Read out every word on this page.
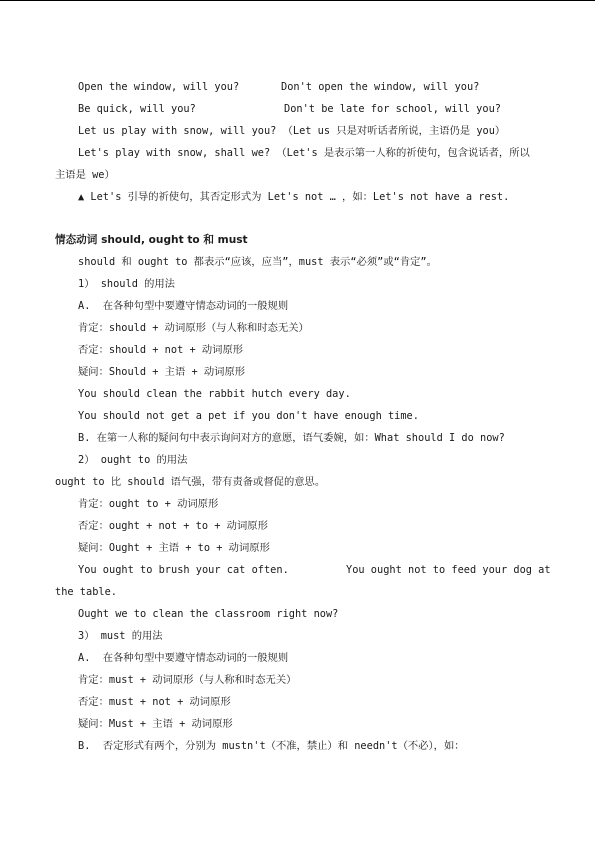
Open the window, will you?	Don't open the window, will you?
Be quick, will you?	Don't be late for school, will you?
Let us play with snow, will you? （Let us 只是对听话者所说，主语仍是 you）
Let's play with snow, shall we? （Let's 是表示第一人称的祈使句，包含说话者，所以
主语是 we）
▲ Let's 引导的祈使句，其否定形式为 Let's not … ，如：Let's not have a rest.
情态动词 should, ought to 和 must
should 和 ought to 都表示“应该，应当”，must 表示“必须”或“肯定”。
1） should 的用法
A.  在各种句型中要遵守情态动词的一般规则
肯定：should + 动词原形（与人称和时态无关）
否定：should + not + 动词原形
疑问：Should + 主语 + 动词原形
You should clean the rabbit hutch every day.
You should not get a pet if you don't have enough time.
B. 在第一人称的疑问句中表示询问对方的意愿，语气委婉，如：What should I do now?
2） ought to 的用法
ought to 比 should 语气强，带有责备或督促的意思。
肯定：ought to + 动词原形
否定：ought + not + to + 动词原形
疑问：Ought + 主语 + to + 动词原形
You ought to brush your cat often.	You ought not to feed your dog at
the table.
Ought we to clean the classroom right now?
3） must 的用法
A.  在各种句型中要遵守情态动词的一般规则
肯定：must + 动词原形（与人称和时态无关）
否定：must + not + 动词原形
疑问：Must + 主语 + 动词原形
B.  否定形式有两个，分别为 mustn't（不准，禁止）和 needn't（不必），如：
